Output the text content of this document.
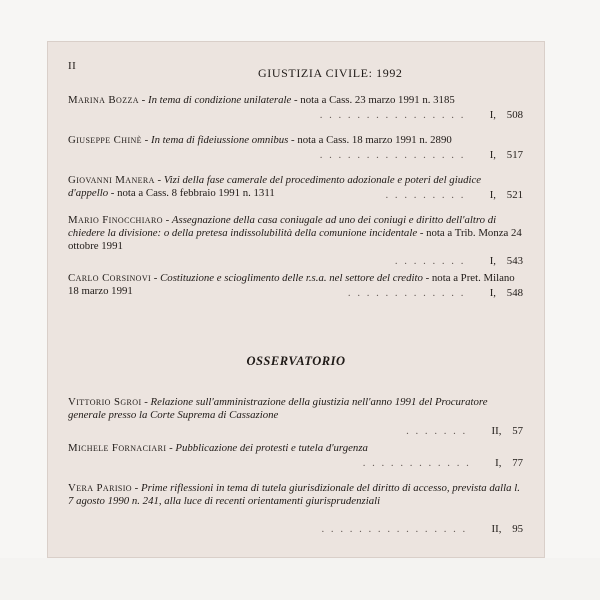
II	GIUSTIZIA CIVILE: 1992
Marina Bozza - In tema di condizione unilaterale - nota a Cass. 23 marzo 1991 n. 3185
. . . . . . . . . . . . . . . . I, 508
Giuseppe Chinè - In tema di fideiussione omnibus - nota a Cass. 18 marzo 1991 n. 2890
. . . . . . . . . . . . . . . . I, 517
Giovanni Manera - Vizi della fase camerale del procedimento adozionale e poteri del giudice d'appello - nota a Cass. 8 febbraio 1991 n. 1311	. . . . . . . . . I, 521
Mario Finocchiaro - Assegnazione della casa coniugale ad uno dei coniugi e diritto dell'altro di chiedere la divisione: o della pretesa indissolubilità della comunione incidentale - nota a Trib. Monza 24 ottobre 1991
. . . . . . . . I, 543
Carlo Corsinovi - Costituzione e scioglimento delle r.s.a. nel settore del credito - nota a Pret. Milano 18 marzo 1991	. . . . . . . . . . . . . I, 548
OSSERVATORIO
Vittorio Sgroi - Relazione sull'amministrazione della giustizia nell'anno 1991 del Procuratore generale presso la Corte Suprema di Cassazione
. . . . . . . II, 57
Michele Fornaciari - Pubblicazione dei protesti e tutela d'urgenza
. . . . . . . . . . . . I, 77
Vera Parisio - Prime riflessioni in tema di tutela giurisdizionale del diritto di accesso, prevista dalla l. 7 agosto 1990 n. 241, alla luce di recenti orientamenti giurisprudenziali
. . . . . . . . . . . . . . . . II, 95
